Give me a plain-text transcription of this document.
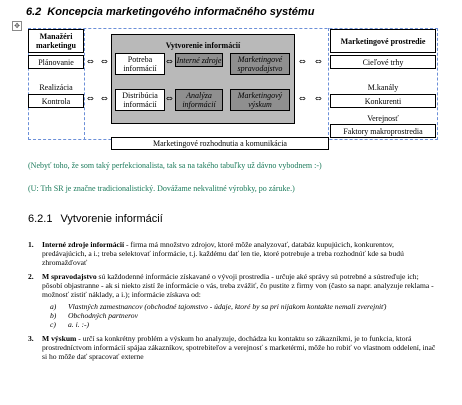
6.2 Koncepcia marketingového informačného systému
✥
Manažéri marketingu
Plánovanie
Realizácia
Kontrola
⇔
⇔
⇔
⇔
Vytvorenie informácií
Potreba informácií
Interné zdroje	Marketingové spravodajstvo
Distribúcia informácií
Analýza informácií
Marketingový výskum
⇔
⇔
⇔
⇔
⇔
⇔
Marketingové prostredie
Cieľové trhy
M.kanály
Konkurenti
Verejnosť
Faktory makroprostredia
Marketingové rozhodnutia a komunikácia
(Nebyť toho, že som taký perfekcionalista, tak sa na takého tabuľky už dávno vybodnem :-)
(U: Trh SR je značne tradicionalistický. Dovážame nekvalitné výrobky, po záruke.)
6.2.1 Vytvorenie informácií
1. Interné zdroje informácií - firma má množstvo zdrojov, ktoré môže analyzovať, databáz kupujúcich, konkurentov, predávajúcich, a i.; treba selektovať informácie, t.j. každému dať len tie, ktoré potrebuje a treba rozhodnúť kde sa budú zhromažďovať
2. M spravodajstvo sú každodenné informácie získavané o vývoji prostredia - určuje aké správy sú potrebné a sústreďuje ich; pôsobí objastranne - ak si niekto zistí že informácie o vás, treba zvážiť, čo pustite z firmy von (často sa napr. analyzuje reklama - možnosť zistiť náklady, a i.); informácie získava od:
a) Vlastných zamestnancov (obchodné tajomstvo - údaje, ktoré by sa pri nijakom kontakte nemali zverejniť)
b) Obchodných partnerov
c) a. i. :-)
3. M výskum - určí sa konkrétny problém a výskum ho analyzuje, dochádza ku kontaktu so zákazníkmi, je to funkcia, ktorá prostredníctvom informácií spájaa zákazníkov, spotrebiteľov a verejnosť s marketérmi, môže ho robiť vo vlastnom oddelení, inač si ho môže dať spracovať externe
